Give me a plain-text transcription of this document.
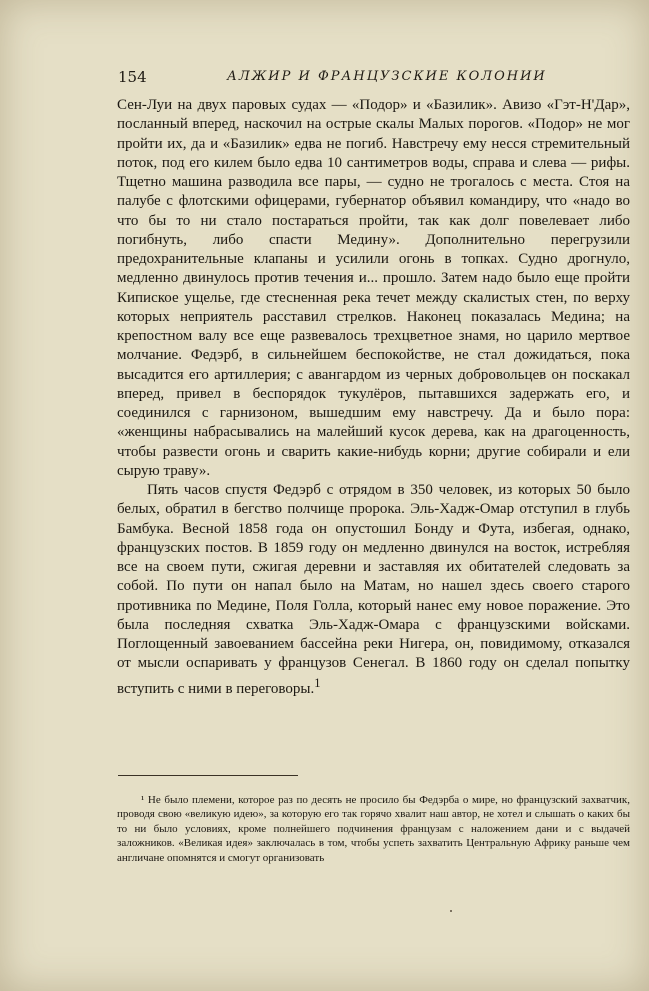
154	АЛЖИР И ФРАНЦУЗСКИЕ КОЛОНИИ

Сен-Луи на двух паровых судах — «Подор» и «Базилик». Авизо «Гэт-Н'Дар», посланный вперед, наскочил на острые скалы Малых порогов. «Подор» не мог пройти их, да и «Базилик» едва не погиб. Навстречу ему несся стремительный поток, под его килем было едва 10 сантиметров воды, справа и слева — рифы. Тщетно машина разводила все пары, — судно не трогалось с места. Стоя на палубе с флотскими офицерами, губернатор объявил командиру, что «надо во что бы то ни стало постараться пройти, так как долг повелевает либо погибнуть, либо спасти Медину». Дополнительно перегрузили предохранительные клапаны и усилили огонь в топках. Судно дрогнуло, медленно двинулось против течения и... прошло. Затем надо было еще пройти Кипиское ущелье, где стесненная река течет между скалистых стен, по верху которых неприятель расставил стрелков. Наконец показалась Медина; на крепостном валу все еще развевалось трехцветное знамя, но царило мертвое молчание. Федэрб, в сильнейшем беспокойстве, не стал дожидаться, пока высадится его артиллерия; с авангардом из черных добровольцев он поскакал вперед, привел в беспорядок тукулёров, пытавшихся задержать его, и соединился с гарнизоном, вышедшим ему навстречу. Да и было пора: «женщины набрасывались на малейший кусок дерева, как на драгоценность, чтобы развести огонь и сварить какие-нибудь корни; другие собирали и ели сырую траву».

Пять часов спустя Федэрб с отрядом в 350 человек, из которых 50 было белых, обратил в бегство полчище пророка. Эль-Хадж-Омар отступил в глубь Бамбука. Весной 1858 года он опустошил Бонду и Фута, избегая, однако, французских постов. В 1859 году он медленно двинулся на восток, истребляя все на своем пути, сжигая деревни и заставляя их обитателей следовать за собой. По пути он напал было на Матам, но нашел здесь своего старого противника по Медине, Поля Голла, который нанес ему новое поражение. Это была последняя схватка Эль-Хадж-Омара с французскими войсками. Поглощенный завоеванием бассейна реки Нигера, он, повидимому, отказался от мысли оспаривать у французов Сенегал. В 1860 году он сделал попытку вступить с ними в переговоры.$^1$

¹ Не было племени, которое раз по десять не просило бы Федэрба о мире, но французский захватчик, проводя свою «великую идею», за которую его так горячо хвалит наш автор, не хотел и слышать о каких бы то ни было условиях, кроме полнейшего подчинения французам с наложением дани и с выдачей заложников. «Великая идея» заключалась в том, чтобы успеть захватить Центральную Африку раньше чем англичане опомнятся и смогут организовать
